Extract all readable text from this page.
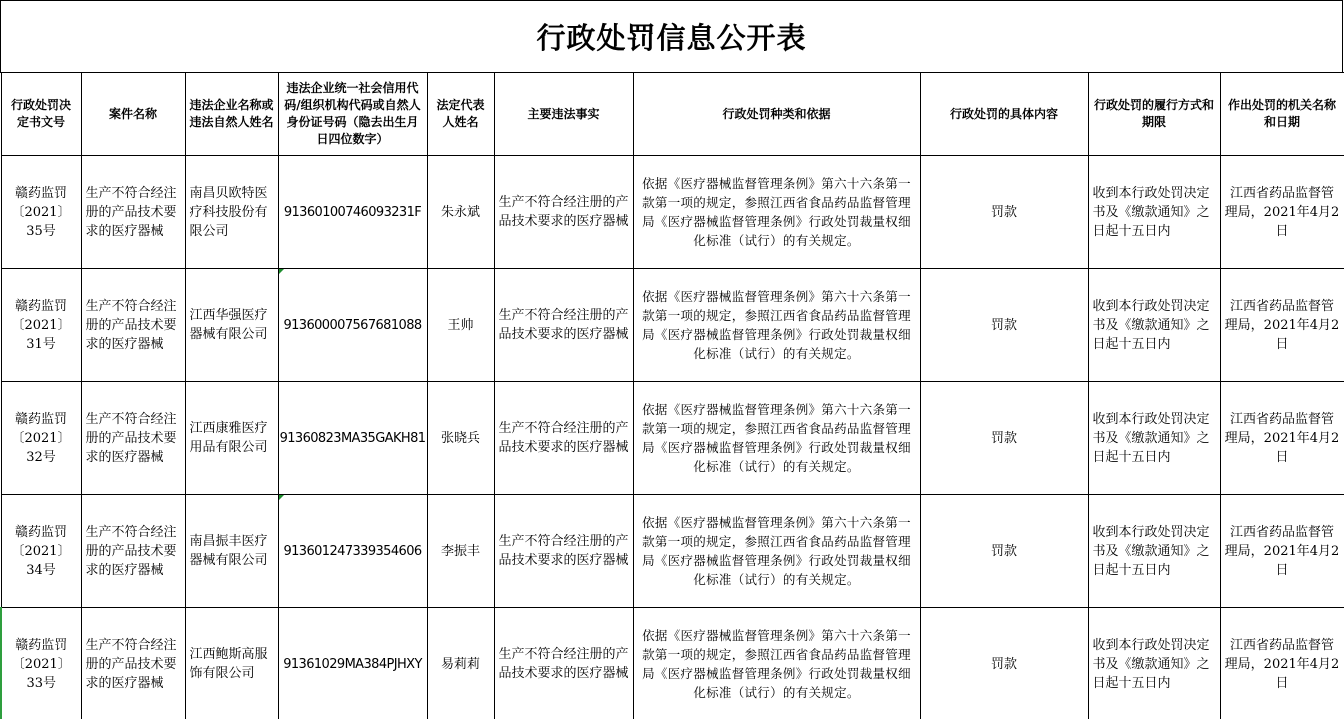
行政处罚信息公开表
行政处罚决定书文号	案件名称	违法企业名称或违法自然人姓名	违法企业统一社会信用代码/组织机构代码或自然人身份证号码（隐去出生月日四位数字）	法定代表人姓名	主要违法事实	行政处罚种类和依据	行政处罚的具体内容	行政处罚的履行方式和期限	作出处罚的机关名称和日期
赣药监罚〔2021〕35号	生产不符合经注册的产品技术要求的医疗器械	南昌贝欧特医疗科技股份有限公司	91360100746093231F	朱永斌	生产不符合经注册的产品技术要求的医疗器械	依据《医疗器械监督管理条例》第六十六条第一款第一项的规定，参照江西省食品药品监督管理局《医疗器械监督管理条例》行政处罚裁量权细化标准（试行）的有关规定。	罚款	收到本行政处罚决定书及《缴款通知》之日起十五日内	江西省药品监督管理局，2021年4月2日
赣药监罚〔2021〕31号	生产不符合经注册的产品技术要求的医疗器械	江西华强医疗器械有限公司	913600007567681088	王帅	生产不符合经注册的产品技术要求的医疗器械	依据《医疗器械监督管理条例》第六十六条第一款第一项的规定，参照江西省食品药品监督管理局《医疗器械监督管理条例》行政处罚裁量权细化标准（试行）的有关规定。	罚款	收到本行政处罚决定书及《缴款通知》之日起十五日内	江西省药品监督管理局，2021年4月2日
赣药监罚〔2021〕32号	生产不符合经注册的产品技术要求的医疗器械	江西康雅医疗用品有限公司	91360823MA35GAKH81	张晓兵	生产不符合经注册的产品技术要求的医疗器械	依据《医疗器械监督管理条例》第六十六条第一款第一项的规定，参照江西省食品药品监督管理局《医疗器械监督管理条例》行政处罚裁量权细化标准（试行）的有关规定。	罚款	收到本行政处罚决定书及《缴款通知》之日起十五日内	江西省药品监督管理局，2021年4月2日
赣药监罚〔2021〕34号	生产不符合经注册的产品技术要求的医疗器械	南昌振丰医疗器械有限公司	913601247339354606	李振丰	生产不符合经注册的产品技术要求的医疗器械	依据《医疗器械监督管理条例》第六十六条第一款第一项的规定，参照江西省食品药品监督管理局《医疗器械监督管理条例》行政处罚裁量权细化标准（试行）的有关规定。	罚款	收到本行政处罚决定书及《缴款通知》之日起十五日内	江西省药品监督管理局，2021年4月2日
赣药监罚〔2021〕33号	生产不符合经注册的产品技术要求的医疗器械	江西鲍斯高服饰有限公司	91361029MA384PJHXY	易莉莉	生产不符合经注册的产品技术要求的医疗器械	依据《医疗器械监督管理条例》第六十六条第一款第一项的规定，参照江西省食品药品监督管理局《医疗器械监督管理条例》行政处罚裁量权细化标准（试行）的有关规定。	罚款	收到本行政处罚决定书及《缴款通知》之日起十五日内	江西省药品监督管理局，2021年4月2日
